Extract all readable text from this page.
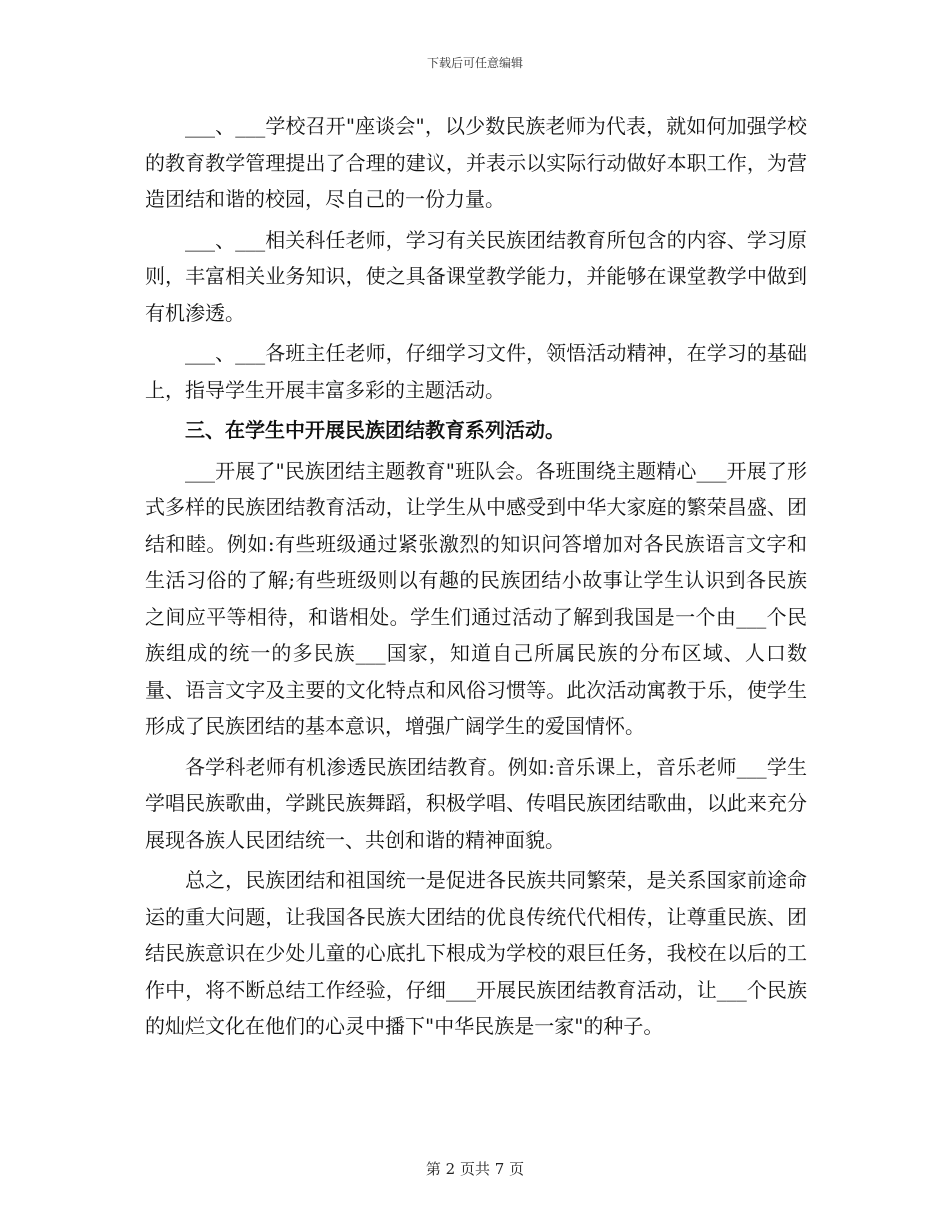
下载后可任意编辑

___、___学校召开"座谈会"，以少数民族老师为代表，就如何加强学校的教育教学管理提出了合理的建议，并表示以实际行动做好本职工作，为营造团结和谐的校园，尽自己的一份力量。

___、___相关科任老师，学习有关民族团结教育所包含的内容、学习原则，丰富相关业务知识，使之具备课堂教学能力，并能够在课堂教学中做到有机渗透。

___、___各班主任老师，仔细学习文件，领悟活动精神，在学习的基础上，指导学生开展丰富多彩的主题活动。

三、在学生中开展民族团结教育系列活动。

___开展了"民族团结主题教育"班队会。各班围绕主题精心___开展了形式多样的民族团结教育活动，让学生从中感受到中华大家庭的繁荣昌盛、团结和睦。例如:有些班级通过紧张激烈的知识问答增加对各民族语言文字和生活习俗的了解;有些班级则以有趣的民族团结小故事让学生认识到各民族之间应平等相待，和谐相处。学生们通过活动了解到我国是一个由___个民族组成的统一的多民族___国家，知道自己所属民族的分布区域、人口数量、语言文字及主要的文化特点和风俗习惯等。此次活动寓教于乐，使学生形成了民族团结的基本意识，增强广阔学生的爱国情怀。

各学科老师有机渗透民族团结教育。例如:音乐课上，音乐老师___学生学唱民族歌曲，学跳民族舞蹈，积极学唱、传唱民族团结歌曲，以此来充分展现各族人民团结统一、共创和谐的精神面貌。

总之，民族团结和祖国统一是促进各民族共同繁荣，是关系国家前途命运的重大问题，让我国各民族大团结的优良传统代代相传，让尊重民族、团结民族意识在少处儿童的心底扎下根成为学校的艰巨任务，我校在以后的工作中，将不断总结工作经验，仔细___开展民族团结教育活动，让___个民族的灿烂文化在他们的心灵中播下"中华民族是一家"的种子。

第 2 页共 7 页
